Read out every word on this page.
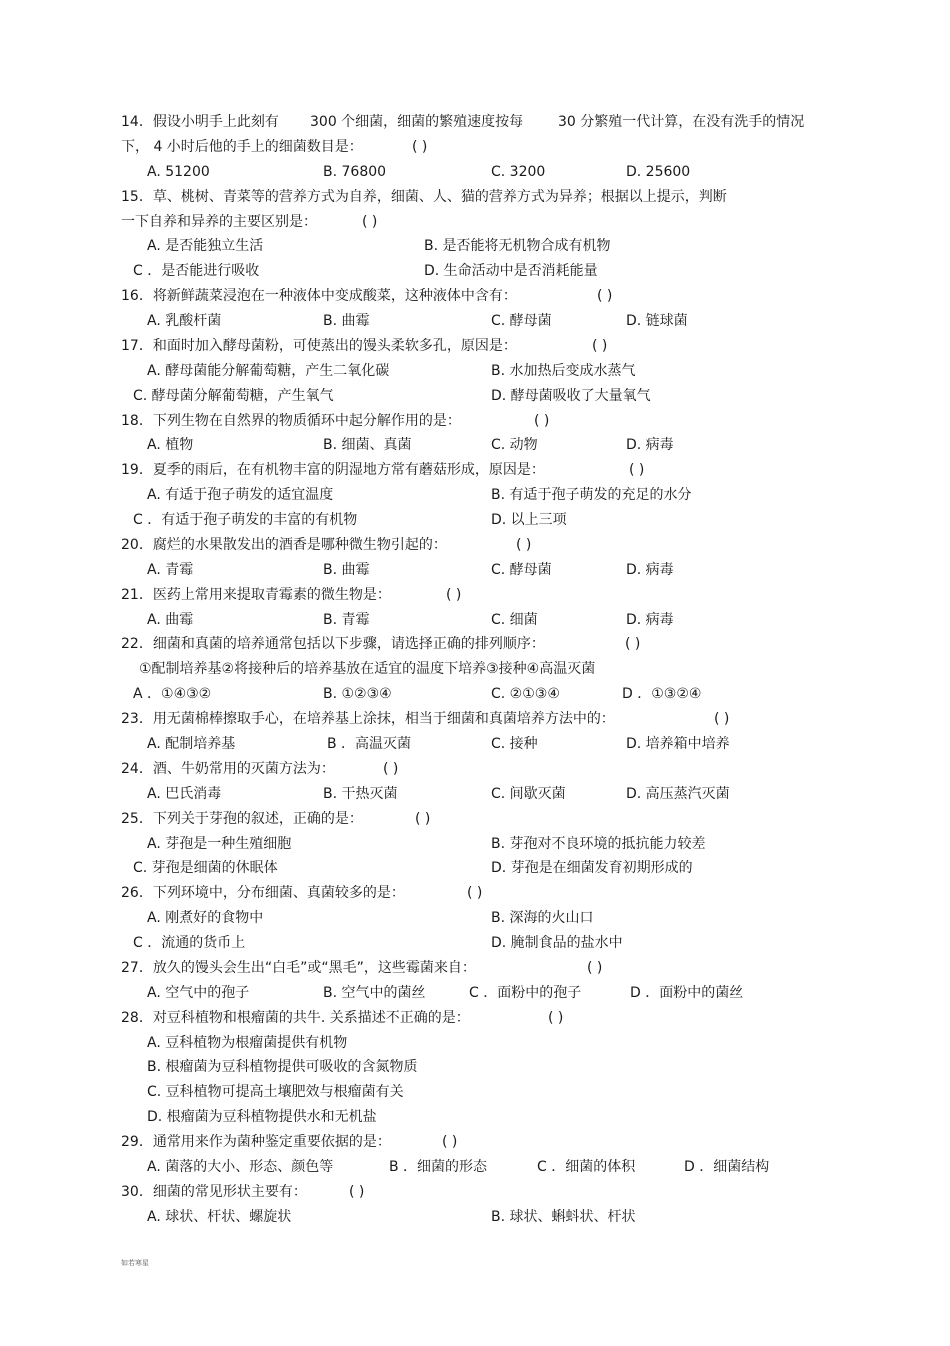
14．假设小明手上此刻有 300 个细菌，细菌的繁殖速度按每 30 分繁殖一代计算，在没有洗手的情况
下， 4 小时后他的手上的细菌数目是：	( )
A. 51200	B. 76800	C. 3200	D. 25600
15．草、桃树、青菜等的营养方式为自养，细菌、人、猫的营养方式为异养；根据以上提示，判断
一下自养和异养的主要区别是：	( )
A. 是否能独立生活	B. 是否能将无机物合成有机物
C ．是否能进行吸收	D. 生命活动中是否消耗能量
16．将新鲜蔬菜浸泡在一种液体中变成酸菜，这种液体中含有：	( )
A. 乳酸杆菌	B. 曲霉	C. 酵母菌	D. 链球菌
17．和面时加入酵母菌粉，可使蒸出的馒头柔软多孔，原因是：	( )
A. 酵母菌能分解葡萄糖，产生二氧化碳	B. 水加热后变成水蒸气
C. 酵母菌分解葡萄糖，产生氧气	D. 酵母菌吸收了大量氧气
18．下列生物在自然界的物质循环中起分解作用的是：	( )
A. 植物	B. 细菌、真菌	C. 动物	D. 病毒
19．夏季的雨后，在有机物丰富的阴湿地方常有蘑菇形成，原因是：	( )
A. 有适于孢子萌发的适宜温度	B. 有适于孢子萌发的充足的水分
C ．有适于孢子萌发的丰富的有机物	D. 以上三项
20．腐烂的水果散发出的酒香是哪种微生物引起的：	( )
A. 青霉	B. 曲霉	C. 酵母菌	D. 病毒
21．医药上常用来提取青霉素的微生物是：	( )
A. 曲霉	B. 青霉	C. 细菌	D. 病毒
22．细菌和真菌的培养通常包括以下步骤，请选择正确的排列顺序：	( )
①配制培养基②将接种后的培养基放在适宜的温度下培养③接种④高温灭菌
A ．①④③②	B. ①②③④	C. ②①③④	D ．①③②④
23．用无菌棉棒擦取手心，在培养基上涂抹，相当于细菌和真菌培养方法中的：	( )
A. 配制培养基	B ．高温灭菌	C. 接种	D. 培养箱中培养
24．酒、牛奶常用的灭菌方法为：	( )
A. 巴氏消毒	B. 干热灭菌	C. 间歇灭菌	D. 高压蒸汽灭菌
25．下列关于芽孢的叙述，正确的是：	( )
A. 芽孢是一种生殖细胞	B. 芽孢对不良环境的抵抗能力较差
C. 芽孢是细菌的休眠体	D. 芽孢是在细菌发育初期形成的
26．下列环境中，分布细菌、真菌较多的是：	( )
A. 刚煮好的食物中	B. 深海的火山口
C ．流通的货币上	D. 腌制食品的盐水中
27．放久的馒头会生出“白毛”或“黑毛”，这些霉菌来自：	( )
A. 空气中的孢子	B. 空气中的菌丝	C ．面粉中的孢子	D ．面粉中的菌丝
28．对豆科植物和根瘤菌的共牛. 关系描述不正确的是：	( )
A. 豆科植物为根瘤菌提供有机物
B. 根瘤菌为豆科植物提供可吸收的含氮物质
C. 豆科植物可提高土壤肥效与根瘤菌有关
D. 根瘤菌为豆科植物提供水和无机盐
29．通常用来作为菌种鉴定重要依据的是：	( )
A. 菌落的大小、形态、颜色等	B ．细菌的形态	C ．细菌的体积	D ．细菌结构
30．细菌的常见形状主要有：	( )
A. 球状、杆状、螺旋状	B. 球状、蝌蚪状、杆状
如若寒星
